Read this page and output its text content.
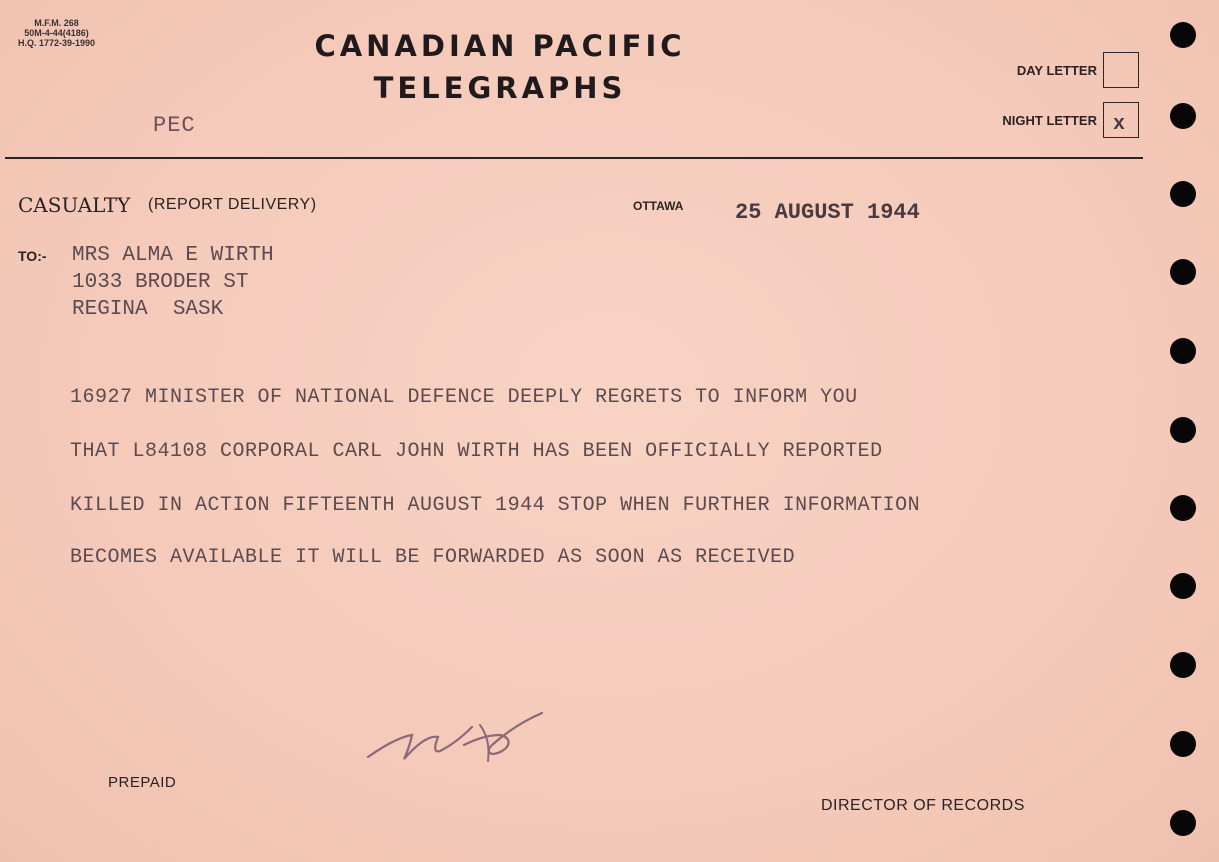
M.F.M. 268
50M-4-44(4186)
H.Q. 1772-39-1990	CANADIAN PACIFIC
TELEGRAPHS
PEC
DAY LETTER
NIGHT LETTER x
CASUALTY (REPORT DELIVERY)	OTTAWA 25 AUGUST 1944
TO:- MRS ALMA E WIRTH
1033 BRODER ST
REGINA  SASK
16927 MINISTER OF NATIONAL DEFENCE DEEPLY REGRETS TO INFORM YOU
THAT L84108 CORPORAL CARL JOHN WIRTH HAS BEEN OFFICIALLY REPORTED
KILLED IN ACTION FIFTEENTH AUGUST 1944 STOP WHEN FURTHER INFORMATION
BECOMES AVAILABLE IT WILL BE FORWARDED AS SOON AS RECEIVED
PREPAID
DIRECTOR OF RECORDS
